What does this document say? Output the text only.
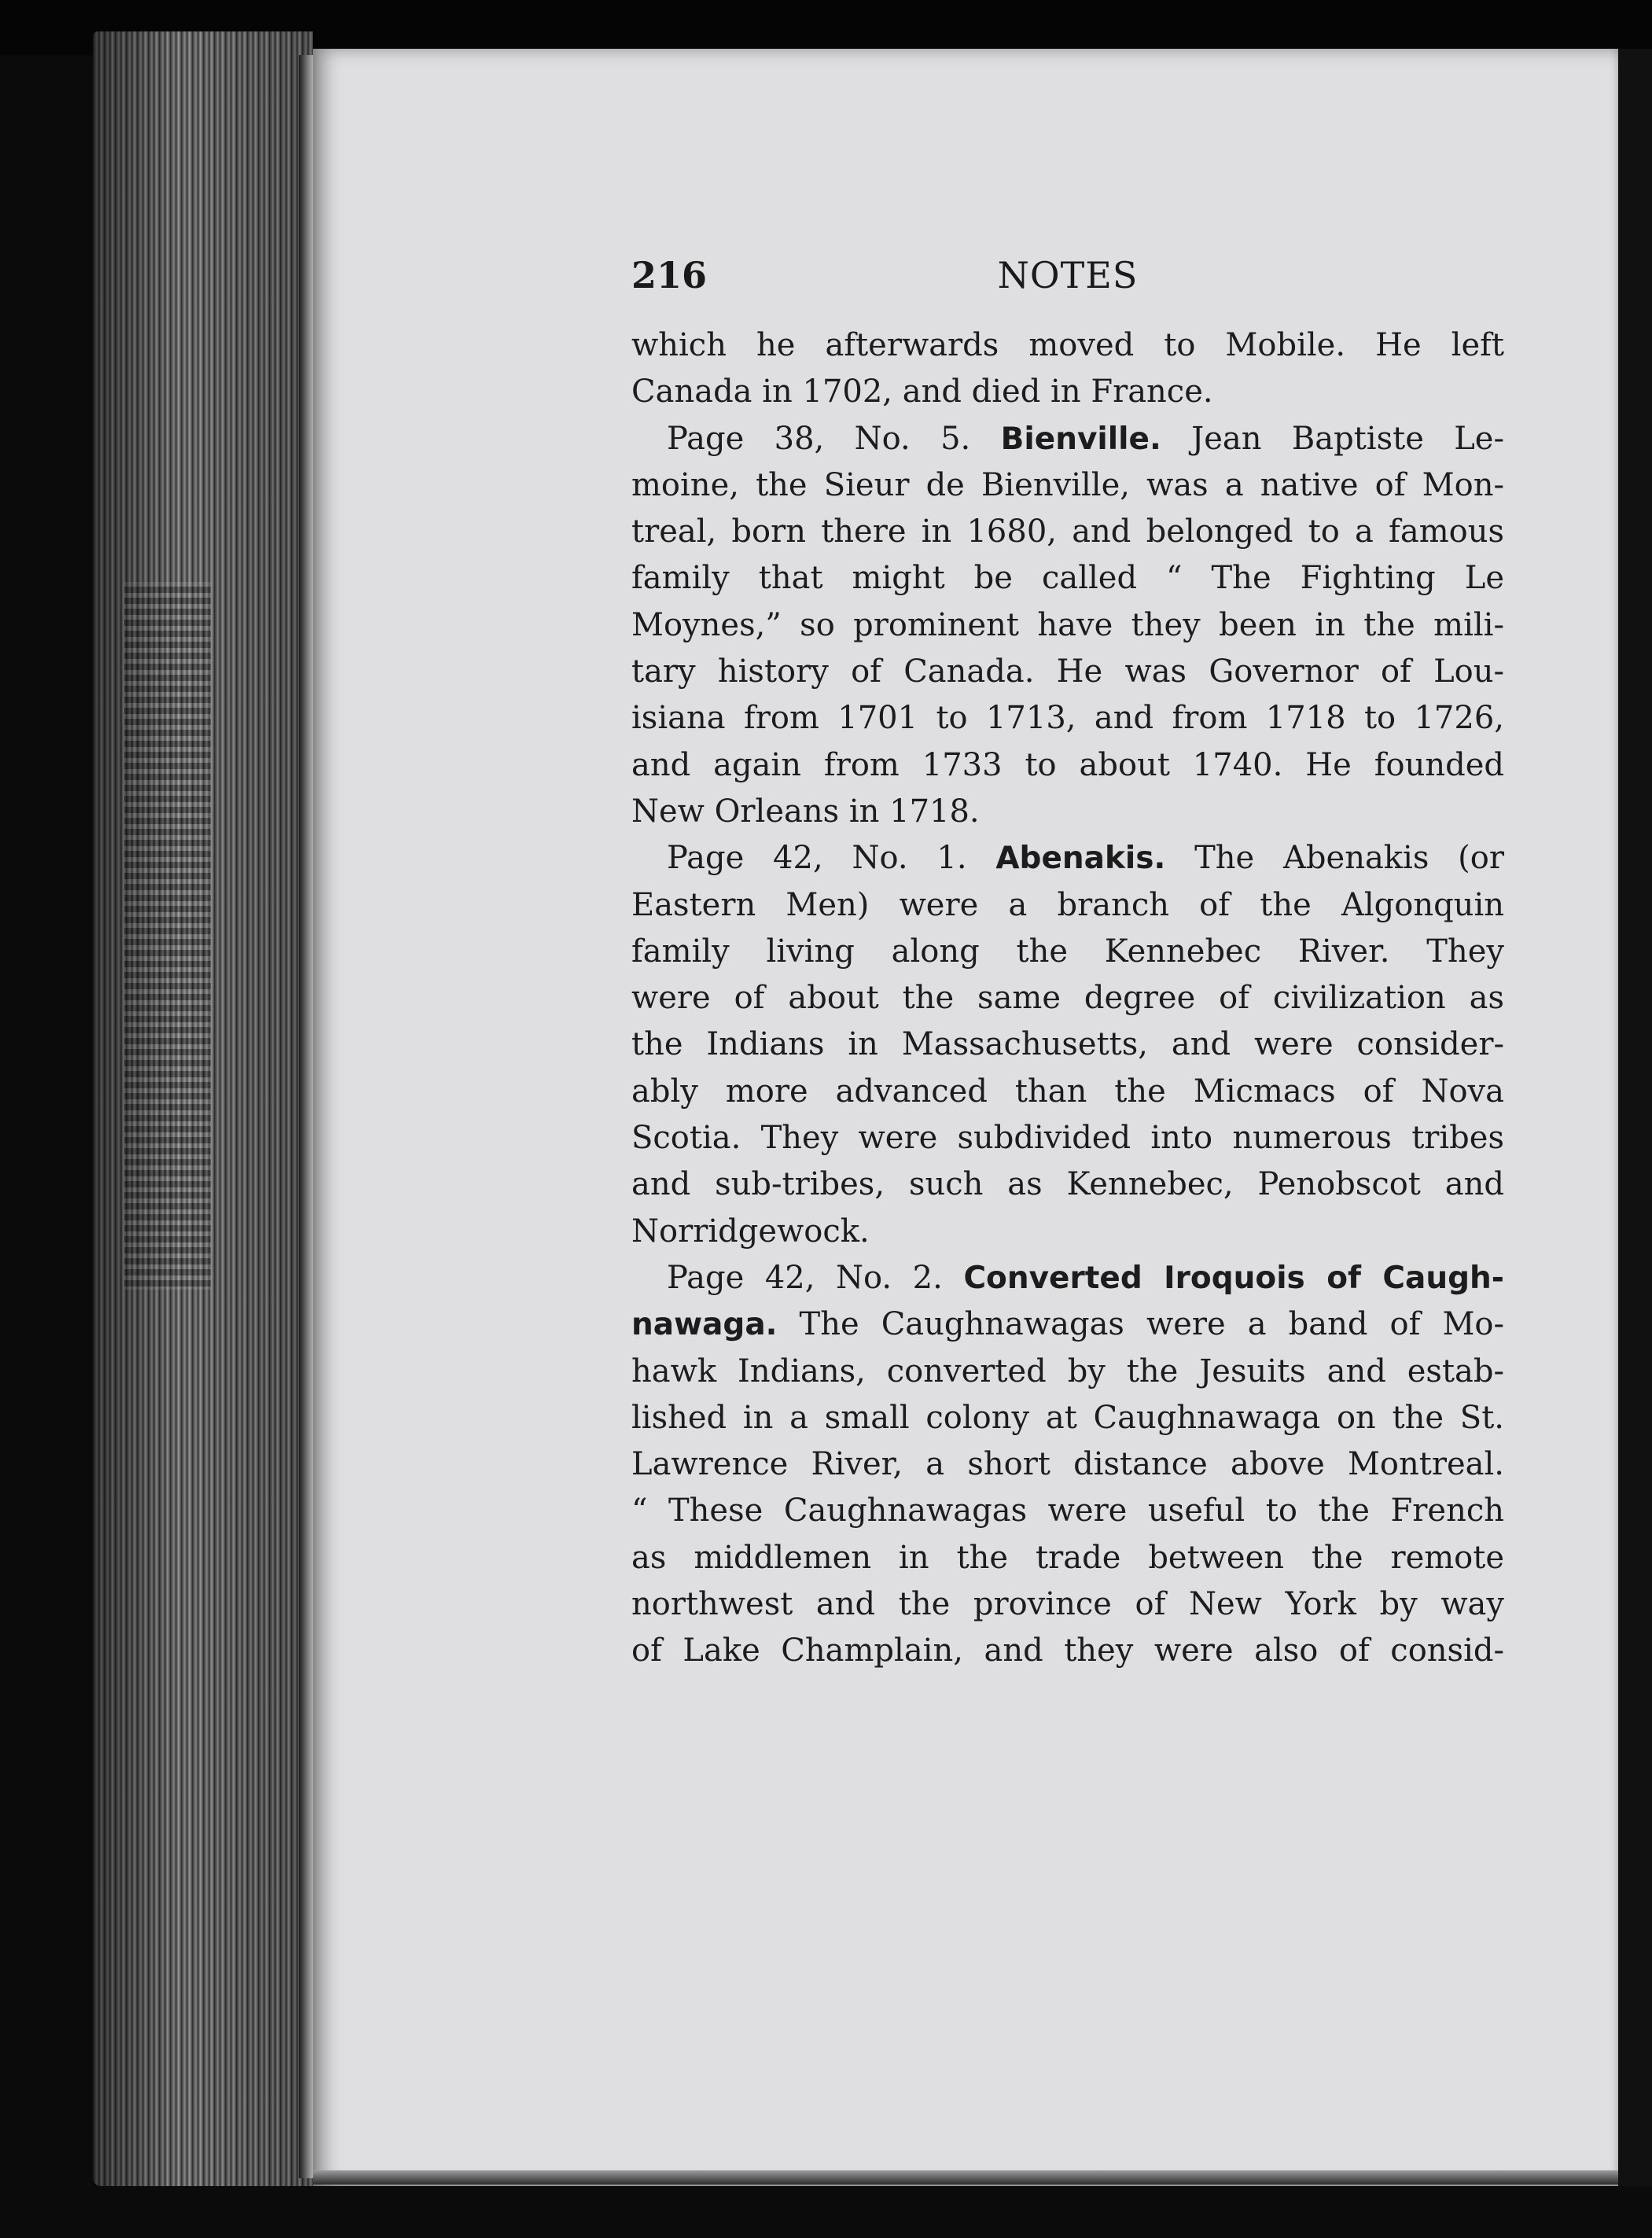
216	NOTES
which he afterwards moved to Mobile. He left
Canada in 1702, and died in France.
Page 38, No. 5. Bienville. Jean Baptiste Le-
moine, the Sieur de Bienville, was a native of Mon-
treal, born there in 1680, and belonged to a famous
family that might be called “ The Fighting Le
Moynes,” so prominent have they been in the mili-
tary history of Canada. He was Governor of Lou-
isiana from 1701 to 1713, and from 1718 to 1726,
and again from 1733 to about 1740. He founded
New Orleans in 1718.
Page 42, No. 1. Abenakis. The Abenakis (or
Eastern Men) were a branch of the Algonquin
family living along the Kennebec River. They
were of about the same degree of civilization as
the Indians in Massachusetts, and were consider-
ably more advanced than the Micmacs of Nova
Scotia. They were subdivided into numerous tribes
and sub-tribes, such as Kennebec, Penobscot and
Norridgewock.
Page 42, No. 2. Converted Iroquois of Caugh-
nawaga. The Caughnawagas were a band of Mo-
hawk Indians, converted by the Jesuits and estab-
lished in a small colony at Caughnawaga on the St.
Lawrence River, a short distance above Montreal.
“ These Caughnawagas were useful to the French
as middlemen in the trade between the remote
northwest and the province of New York by way
of Lake Champlain, and they were also of consid-
